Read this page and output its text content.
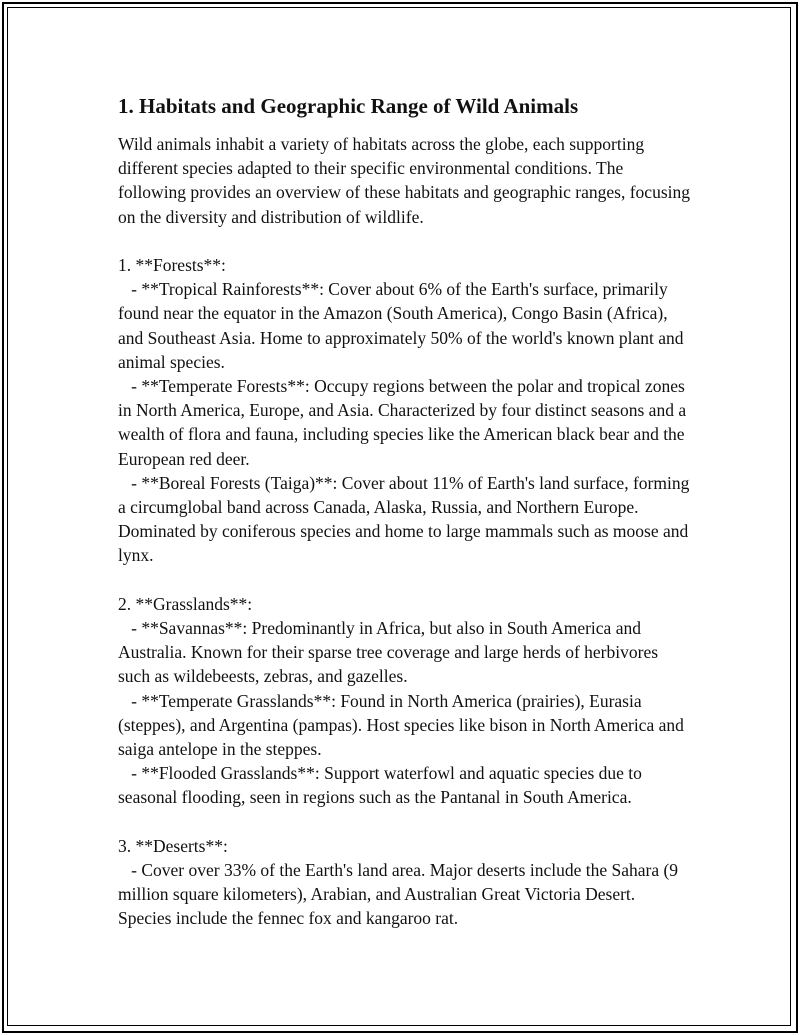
1. Habitats and Geographic Range of Wild Animals

Wild animals inhabit a variety of habitats across the globe, each supporting different species adapted to their specific environmental conditions. The following provides an overview of these habitats and geographic ranges, focusing on the diversity and distribution of wildlife.

1. **Forests**:

- **Tropical Rainforests**: Cover about 6% of the Earth's surface, primarily found near the equator in the Amazon (South America), Congo Basin (Africa), and Southeast Asia. Home to approximately 50% of the world's known plant and animal species.

- **Temperate Forests**: Occupy regions between the polar and tropical zones in North America, Europe, and Asia. Characterized by four distinct seasons and a wealth of flora and fauna, including species like the American black bear and the European red deer.

- **Boreal Forests (Taiga)**: Cover about 11% of Earth's land surface, forming a circumglobal band across Canada, Alaska, Russia, and Northern Europe. Dominated by coniferous species and home to large mammals such as moose and lynx.

2. **Grasslands**:

- **Savannas**: Predominantly in Africa, but also in South America and Australia. Known for their sparse tree coverage and large herds of herbivores such as wildebeests, zebras, and gazelles.

- **Temperate Grasslands**: Found in North America (prairies), Eurasia (steppes), and Argentina (pampas). Host species like bison in North America and saiga antelope in the steppes.

- **Flooded Grasslands**: Support waterfowl and aquatic species due to seasonal flooding, seen in regions such as the Pantanal in South America.

3. **Deserts**:

- Cover over 33% of the Earth's land area. Major deserts include the Sahara (9 million square kilometers), Arabian, and Australian Great Victoria Desert. Species include the fennec fox and kangaroo rat.
